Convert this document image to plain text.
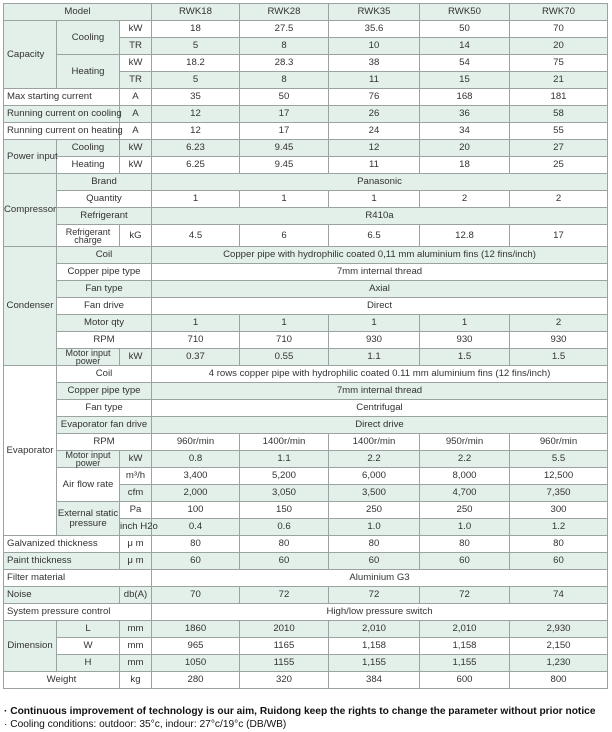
Model			RWK18	RWK28	RWK35	RWK50	RWK70
Capacity	Cooling	kW	18	27.5	35.6	50	70
		TR	5	8	10	14	20
	Heating	kW	18.2	28.3	38	54	75
		TR	5	8	11	15	21
Max starting current		A	35	50	76	168	181
Running current on cooling		A	12	17	26	36	58
Running current on heating		A	12	17	24	34	55
Power input	Cooling	kW	6.23	9.45	12	20	27
	Heating	kW	6.25	9.45	11	18	25
Compressor	Brand		Panasonic				
	Quantity		1	1	1	2	2
	Refrigerant		R410a				
	Refrigerant charge	kG	4.5	6	6.5	12.8	17
Condenser	Coil		Copper pipe with hydrophilic coated 0,11 mm aluminium fins (12 fins/inch)				
	Copper pipe type		7mm internal thread				
	Fan type		Axial				
	Fan drive		Direct				
	Motor qty		1	1	1	1	2
	RPM		710	710	930	930	930
	Motor input power	kW	0.37	0.55	1.1	1.5	1.5
Evaporator	Coil		4 rows copper pipe with hydrophilic coated 0.11 mm aluminium fins (12 fins/inch)				
	Copper pipe type		7mm internal thread				
	Fan type		Centrifugal				
	Evaporator fan drive		Direct drive				
	RPM		960r/min	1400r/min	1400r/min	950r/min	960r/min
	Motor input power	kW	0.8	1.1	2.2	2.2	5.5
	Air flow rate	m³/h	3,400	5,200	6,000	8,000	12,500
		cfm	2,000	3,050	3,500	4,700	7,350
	External static pressure	Pa	100	150	250	250	300
		inch H2o	0.4	0.6	1.0	1.0	1.2
Galvanized thickness		μ m	80	80	80	80	80
Paint thickness		μ m	60	60	60	60	60
Filter material			Aluminium G3				
Noise		db(A)	70	72	72	72	74
System pressure control			High/low pressure switch				
Dimension	L	mm	1860	2010	2,010	2,010	2,930
	W	mm	965	1165	1,158	1,158	2,150
	H	mm	1050	1155	1,155	1,155	1,230
Weight		kg	280	320	384	600	800
· Continuous improvement of technology is our aim, Ruidong keep the rights to change the parameter without prior notice
· Cooling conditions: outdoor: 35°c, indour: 27°c/19°c (DB/WB)
